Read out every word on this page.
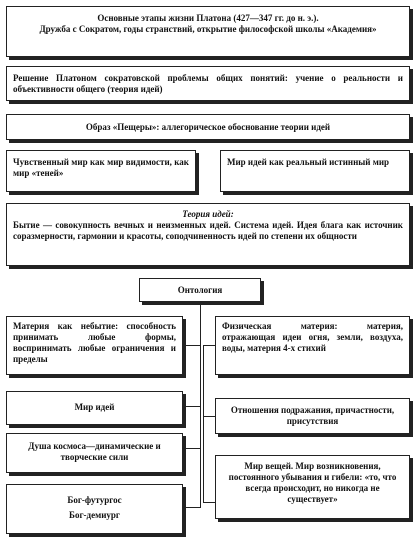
Основные этапы жизни Платона (427—347 гг. до н. э.).
Дружба с Сократом, годы странствий, открытие философской школы «Академия»
Решение Платоном сократовской проблемы общих понятий: учение о реальности и объективности общего (теория идей)
Образ «Пещеры»: аллегорическое обоснование теории идей
Чувственный мир как мир видимости, как мир «теней»
Мир идей как реальный истинный мир
Теория идей:
Бытие — совокупность вечных и неизменных идей. Система идей. Идея блага как источник соразмерности, гармонии и красоты, соподчиненность идей по степени их общности
Онтология
Материя как небытие: способность принимать любые формы, воспринимать любые ограничения и пределы
Мир идей
Душа космоса—динамические и творческие сили
Бог-футургос
Бог-демиург
Физическая материя: материя, отражающая идеи огня, земли, воздуха, воды, материя 4-х стихий
Отношения подражания, причастности, присутствия
Мир вещей. Мир возникновения, постоянного убывания и гибели: «то, что всегда происходит, но никогда не существует»
